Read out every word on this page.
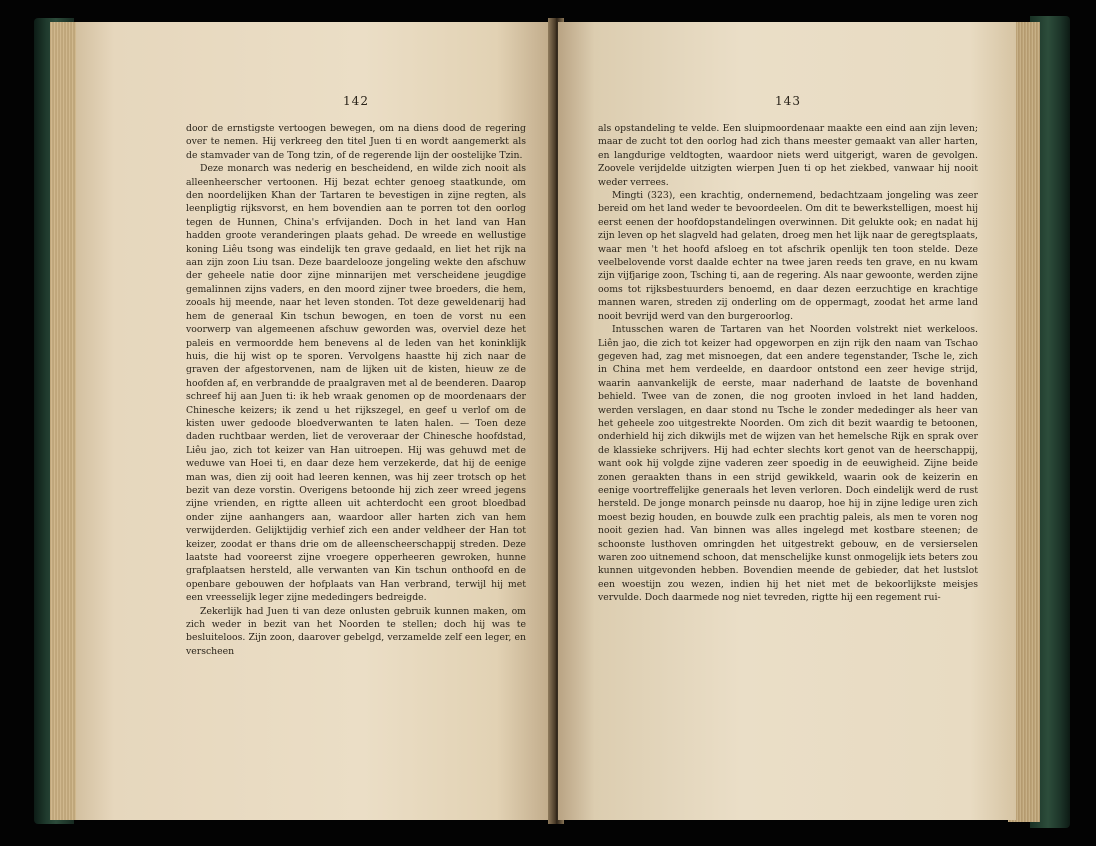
142

door de ernstigste vertoogen bewegen, om na diens dood de regering over te nemen. Hij verkreeg den titel Juen ti en wordt aangemerkt als de stamvader van de Tong tzin, of de regerende lijn der oostelijke Tzin.

Deze monarch was nederig en bescheidend, en wilde zich nooit als alleenheerscher vertoonen. Hij bezat echter genoeg staatkunde, om den noordelijken Khan der Tartaren te bevestigen in zijne regten, als leenpligtig rijksvorst, en hem bovendien aan te porren tot den oorlog tegen de Hunnen, China's erfvijanden. Doch in het land van Han hadden groote veranderingen plaats gehad. De wreede en wellustige koning Liêu tsong was eindelijk ten grave gedaald, en liet het rijk na aan zijn zoon Liu tsan. Deze baardelooze jongeling wekte den afschuw der geheele natie door zijne minnarijen met verscheidene jeugdige gemalinnen zijns vaders, en den moord zijner twee broeders, die hem, zooals hij meende, naar het leven stonden. Tot deze geweldenarij had hem de generaal Kin tschun bewogen, en toen de vorst nu een voorwerp van algemeenen afschuw geworden was, overviel deze het paleis en vermoordde hem benevens al de leden van het koninklijk huis, die hij wist op te sporen. Vervolgens haastte hij zich naar de graven der afgestorvenen, nam de lijken uit de kisten, hieuw ze de hoofden af, en verbrandde de praalgraven met al de beenderen. Daarop schreef hij aan Juen ti: ik heb wraak genomen op de moordenaars der Chinesche keizers; ik zend u het rijkszegel, en geef u verlof om de kisten uwer gedoode bloedverwanten te laten halen. — Toen deze daden ruchtbaar werden, liet de veroveraar der Chinesche hoofdstad, Liêu jao, zich tot keizer van Han uitroepen. Hij was gehuwd met de weduwe van Hoei ti, en daar deze hem verzekerde, dat hij de eenige man was, dien zij ooit had leeren kennen, was hij zeer trotsch op het bezit van deze vorstin. Overigens betoonde hij zich zeer wreed jegens zijne vrienden, en rigtte alleen uit achterdocht een groot bloedbad onder zijne aanhangers aan, waardoor aller harten zich van hem verwijderden. Gelijktijdig verhief zich een ander veldheer der Han tot keizer, zoodat er thans drie om de alleenscheerschappij streden. Deze laatste had vooreerst zijne vroegere opperheeren gewroken, hunne grafplaatsen hersteld, alle verwanten van Kin tschun onthoofd en de openbare gebouwen der hofplaats van Han verbrand, terwijl hij met een vreesselijk leger zijne mededingers bedreigde.

Zekerlijk had Juen ti van deze onlusten gebruik kunnen maken, om zich weder in bezit van het Noorden te stellen; doch hij was te besluiteloos. Zijn zoon, daarover gebelgd, verzamelde zelf een leger, en verscheen

143

als opstandeling te velde. Een sluipmoordenaar maakte een eind aan zijn leven; maar de zucht tot den oorlog had zich thans meester gemaakt van aller harten, en langdurige veldtogten, waardoor niets werd uitgerigt, waren de gevolgen. Zoovele verijdelde uitzigten wierpen Juen ti op het ziekbed, vanwaar hij nooit weder verrees.

Mingti (323), een krachtig, ondernemend, bedachtzaam jongeling was zeer bereid om het land weder te bevoordeelen. Om dit te bewerkstelligen, moest hij eerst eenen der hoofdopstandelingen overwinnen. Dit gelukte ook; en nadat hij zijn leven op het slagveld had gelaten, droeg men het lijk naar de geregtsplaats, waar men 't het hoofd afsloeg en tot afschrik openlijk ten toon stelde. Deze veelbelovende vorst daalde echter na twee jaren reeds ten grave, en nu kwam zijn vijfjarige zoon, Tsching ti, aan de regering. Als naar gewoonte, werden zijne ooms tot rijksbestuurders benoemd, en daar dezen eerzuchtige en krachtige mannen waren, streden zij onderling om de oppermagt, zoodat het arme land nooit bevrijd werd van den burgeroorlog.

Intusschen waren de Tartaren van het Noorden volstrekt niet werkeloos. Liên jao, die zich tot keizer had opgeworpen en zijn rijk den naam van Tschao gegeven had, zag met misnoegen, dat een andere tegenstander, Tsche le, zich in China met hem verdeelde, en daardoor ontstond een zeer hevige strijd, waarin aanvankelijk de eerste, maar naderhand de laatste de bovenhand behield. Twee van de zonen, die nog grooten invloed in het land hadden, werden verslagen, en daar stond nu Tsche le zonder mededinger als heer van het geheele zoo uitgestrekte Noorden. Om zich dit bezit waardig te betoonen, onderhield hij zich dikwijls met de wijzen van het hemelsche Rijk en sprak over de klassieke schrijvers. Hij had echter slechts kort genot van de heerschappij, want ook hij volgde zijne vaderen zeer spoedig in de eeuwigheid. Zijne beide zonen geraakten thans in een strijd gewikkeld, waarin ook de keizerin en eenige voortreffelijke generaals het leven verloren. Doch eindelijk werd de rust hersteld. De jonge monarch peinsde nu daarop, hoe hij in zijne ledige uren zich moest bezig houden, en bouwde zulk een prachtig paleis, als men te voren nog nooit gezien had. Van binnen was alles ingelegd met kostbare steenen; de schoonste lusthoven omringden het uitgestrekt gebouw, en de versierselen waren zoo uitnemend schoon, dat menschelijke kunst onmogelijk iets beters zou kunnen uitgevonden hebben. Bovendien meende de gebieder, dat het lustslot een woestijn zou wezen, indien hij het niet met de bekoorlijkste meisjes vervulde. Doch daarmede nog niet tevreden, rigtte hij een regement rui-
